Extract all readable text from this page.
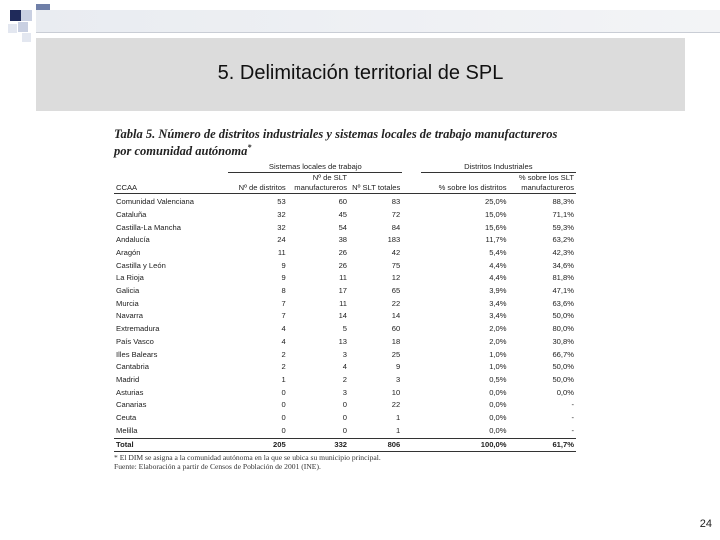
5. Delimitación territorial de SPL
Tabla 5. Número de distritos industriales y sistemas locales de trabajo manufactureros
por comunidad autónoma*
	Sistemas locales de trabajo				Distritos Industriales	
		Nº de SLT				% sobre los SLT
CCAA	Nº de distritos	manufactureros	Nº SLT totales		% sobre los distritos	manufactureros
Comunidad Valenciana	53	60	83		25,0%	88,3%
Cataluña	32	45	72		15,0%	71,1%
Castilla-La Mancha	32	54	84		15,6%	59,3%
Andalucía	24	38	183		11,7%	63,2%
Aragón	11	26	42		5,4%	42,3%
Castilla y León	9	26	75		4,4%	34,6%
La Rioja	9	11	12		4,4%	81,8%
Galicia	8	17	65		3,9%	47,1%
Murcia	7	11	22		3,4%	63,6%
Navarra	7	14	14		3,4%	50,0%
Extremadura	4	5	60		2,0%	80,0%
País Vasco	4	13	18		2,0%	30,8%
Illes Balears	2	3	25		1,0%	66,7%
Cantabria	2	4	9		1,0%	50,0%
Madrid	1	2	3		0,5%	50,0%
Asturias	0	3	10		0,0%	0,0%
Canarias	0	0	22		0,0%	-
Ceuta	0	0	1		0,0%	-
Melilla	0	0	1		0,0%	-
Total	205	332	806		100,0%	61,7%
* El DIM se asigna a la comunidad autónoma en la que se ubica su municipio principal.
Fuente: Elaboración a partir de Censos de Población de 2001 (INE).
24
